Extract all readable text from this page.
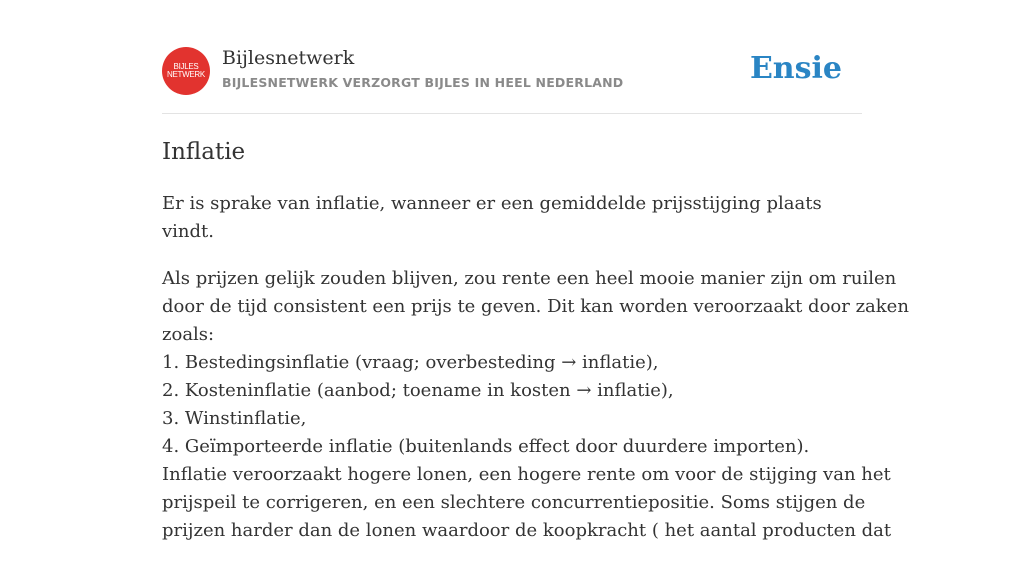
BIJLES
NETWERK
Bijlesnetwerk
BIJLESNETWERK VERZORGT BIJLES IN HEEL NEDERLAND	Ensie
Inflatie

Er is sprake van inflatie, wanneer er een gemiddelde prijsstijging plaats vindt.

Als prijzen gelijk zouden blijven, zou rente een heel mooie manier zijn om ruilen
door de tijd consistent een prijs te geven. Dit kan worden veroorzaakt door zaken
zoals:
1. Bestedingsinflatie (vraag; overbesteding → inflatie),
2. Kosteninflatie (aanbod; toename in kosten → inflatie),
3. Winstinflatie,
4. Geïmporteerde inflatie (buitenlands effect door duurdere importen).
Inflatie veroorzaakt hogere lonen, een hogere rente om voor de stijging van het
prijspeil te corrigeren, en een slechtere concurrentiepositie. Soms stijgen de
prijzen harder dan de lonen waardoor de koopkracht ( het aantal producten dat
